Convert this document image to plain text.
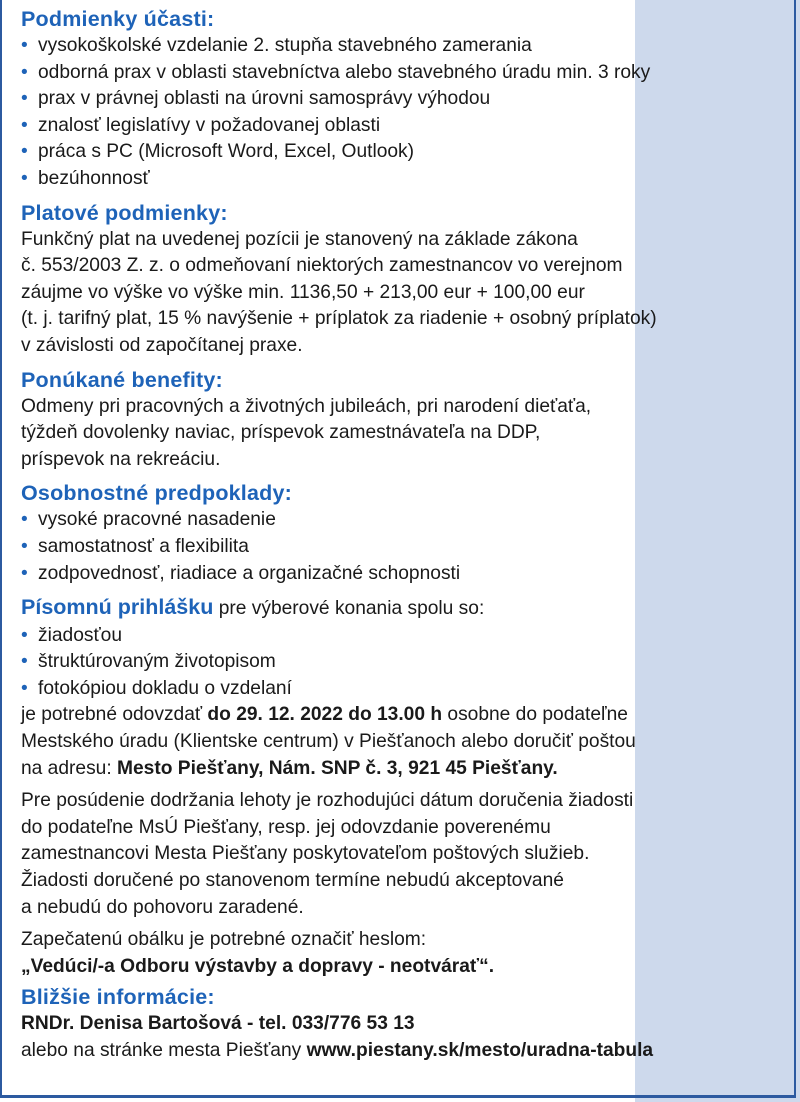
Podmienky účasti:
• vysokoškolské vzdelanie 2. stupňa stavebného zamerania
• odborná prax v oblasti stavebníctva alebo stavebného úradu min. 3 roky
• prax v právnej oblasti na úrovni samosprávy výhodou
• znalosť legislatívy v požadovanej oblasti
• práca s PC (Microsoft Word, Excel, Outlook)
• bezúhonnosť
Platové podmienky:
Funkčný plat na uvedenej pozícii je stanovený na základe zákona
č. 553/2003 Z. z. o odmeňovaní niektorých zamestnancov vo verejnom
záujme vo výške vo výške min. 1136,50 + 213,00 eur + 100,00 eur
(t. j. tarifný plat, 15 % navýšenie + príplatok za riadenie + osobný príplatok)
v závislosti od započítanej praxe.
Ponúkané benefity:
Odmeny pri pracovných a životných jubileách, pri narodení dieťaťa,
týždeň dovolenky naviac, príspevok zamestnávateľa na DDP,
príspevok na rekreáciu.
Osobnostné predpoklady:
• vysoké pracovné nasadenie
• samostatnosť a flexibilita
• zodpovednosť, riadiace a organizačné schopnosti
Písomnú prihlášku pre výberové konania spolu so:
• žiadosťou
• štruktúrovaným životopisom
• fotokópiou dokladu o vzdelaní
je potrebné odovzdať do 29. 12. 2022 do 13.00 h osobne do podateľne
Mestského úradu (Klientske centrum) v Piešťanoch alebo doručiť poštou
na adresu: Mesto Piešťany, Nám. SNP č. 3, 921 45 Piešťany.
Pre posúdenie dodržania lehoty je rozhodujúci dátum doručenia žiadosti
do podateľne MsÚ Piešťany, resp. jej odovzdanie poverenému
zamestnancovi Mesta Piešťany poskytovateľom poštových služieb.
Žiadosti doručené po stanovenom termíne nebudú akceptované
a nebudú do pohovoru zaradené.
Zapečatenú obálku je potrebné označiť heslom:
„Vedúci/-a Odboru výstavby a dopravy - neotvárať“.
Bližšie informácie:
RNDr. Denisa Bartošová - tel. 033/776 53 13
alebo na stránke mesta Piešťany www.piestany.sk/mesto/uradna-tabula
